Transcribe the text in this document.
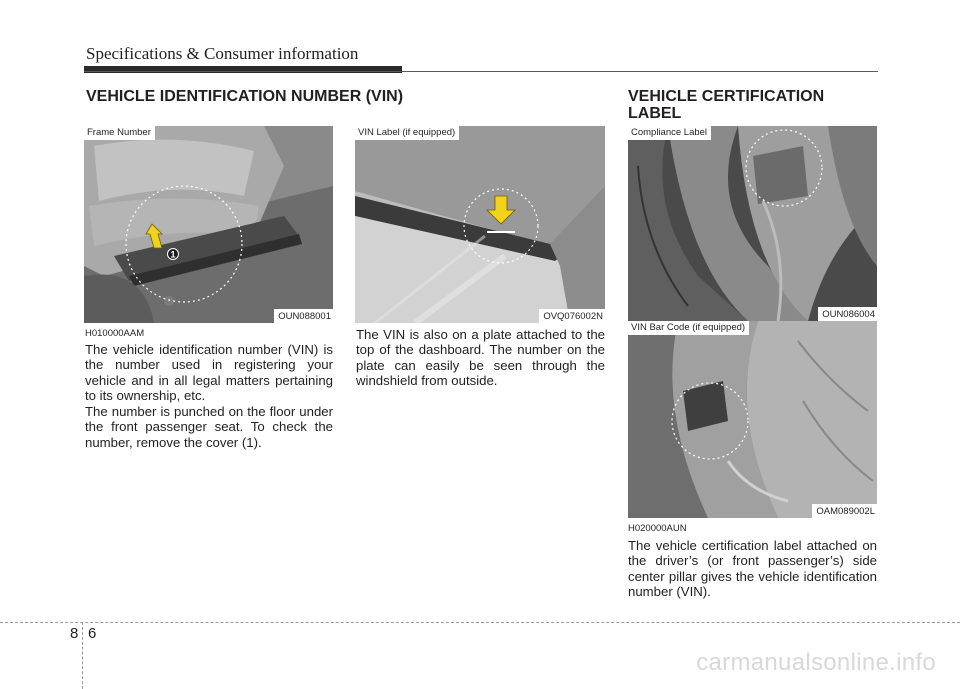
Specifications & Consumer information
VEHICLE IDENTIFICATION NUMBER (VIN)	VEHICLE CERTIFICATION LABEL
1
Frame Number
OUN088001
VIN Label (if equipped)
OVQ076002N
Compliance Label
OUN086004
VIN Bar Code (if equipped)
OAM089002L
H010000AAM

The vehicle identification number (VIN) is the number used in registering your vehicle and in all legal matters pertaining to its ownership, etc.

The number is punched on the floor under the front passenger seat. To check the number, remove the cover (1).

The VIN is also on a plate attached to the top of the dashboard. The number on the plate can easily be seen through the windshield from outside.

H020000AUN

The vehicle certification label attached on the driver’s (or front passenger’s) side center pillar gives the vehicle identification number (VIN).

8 6
carmanualsonline.info
